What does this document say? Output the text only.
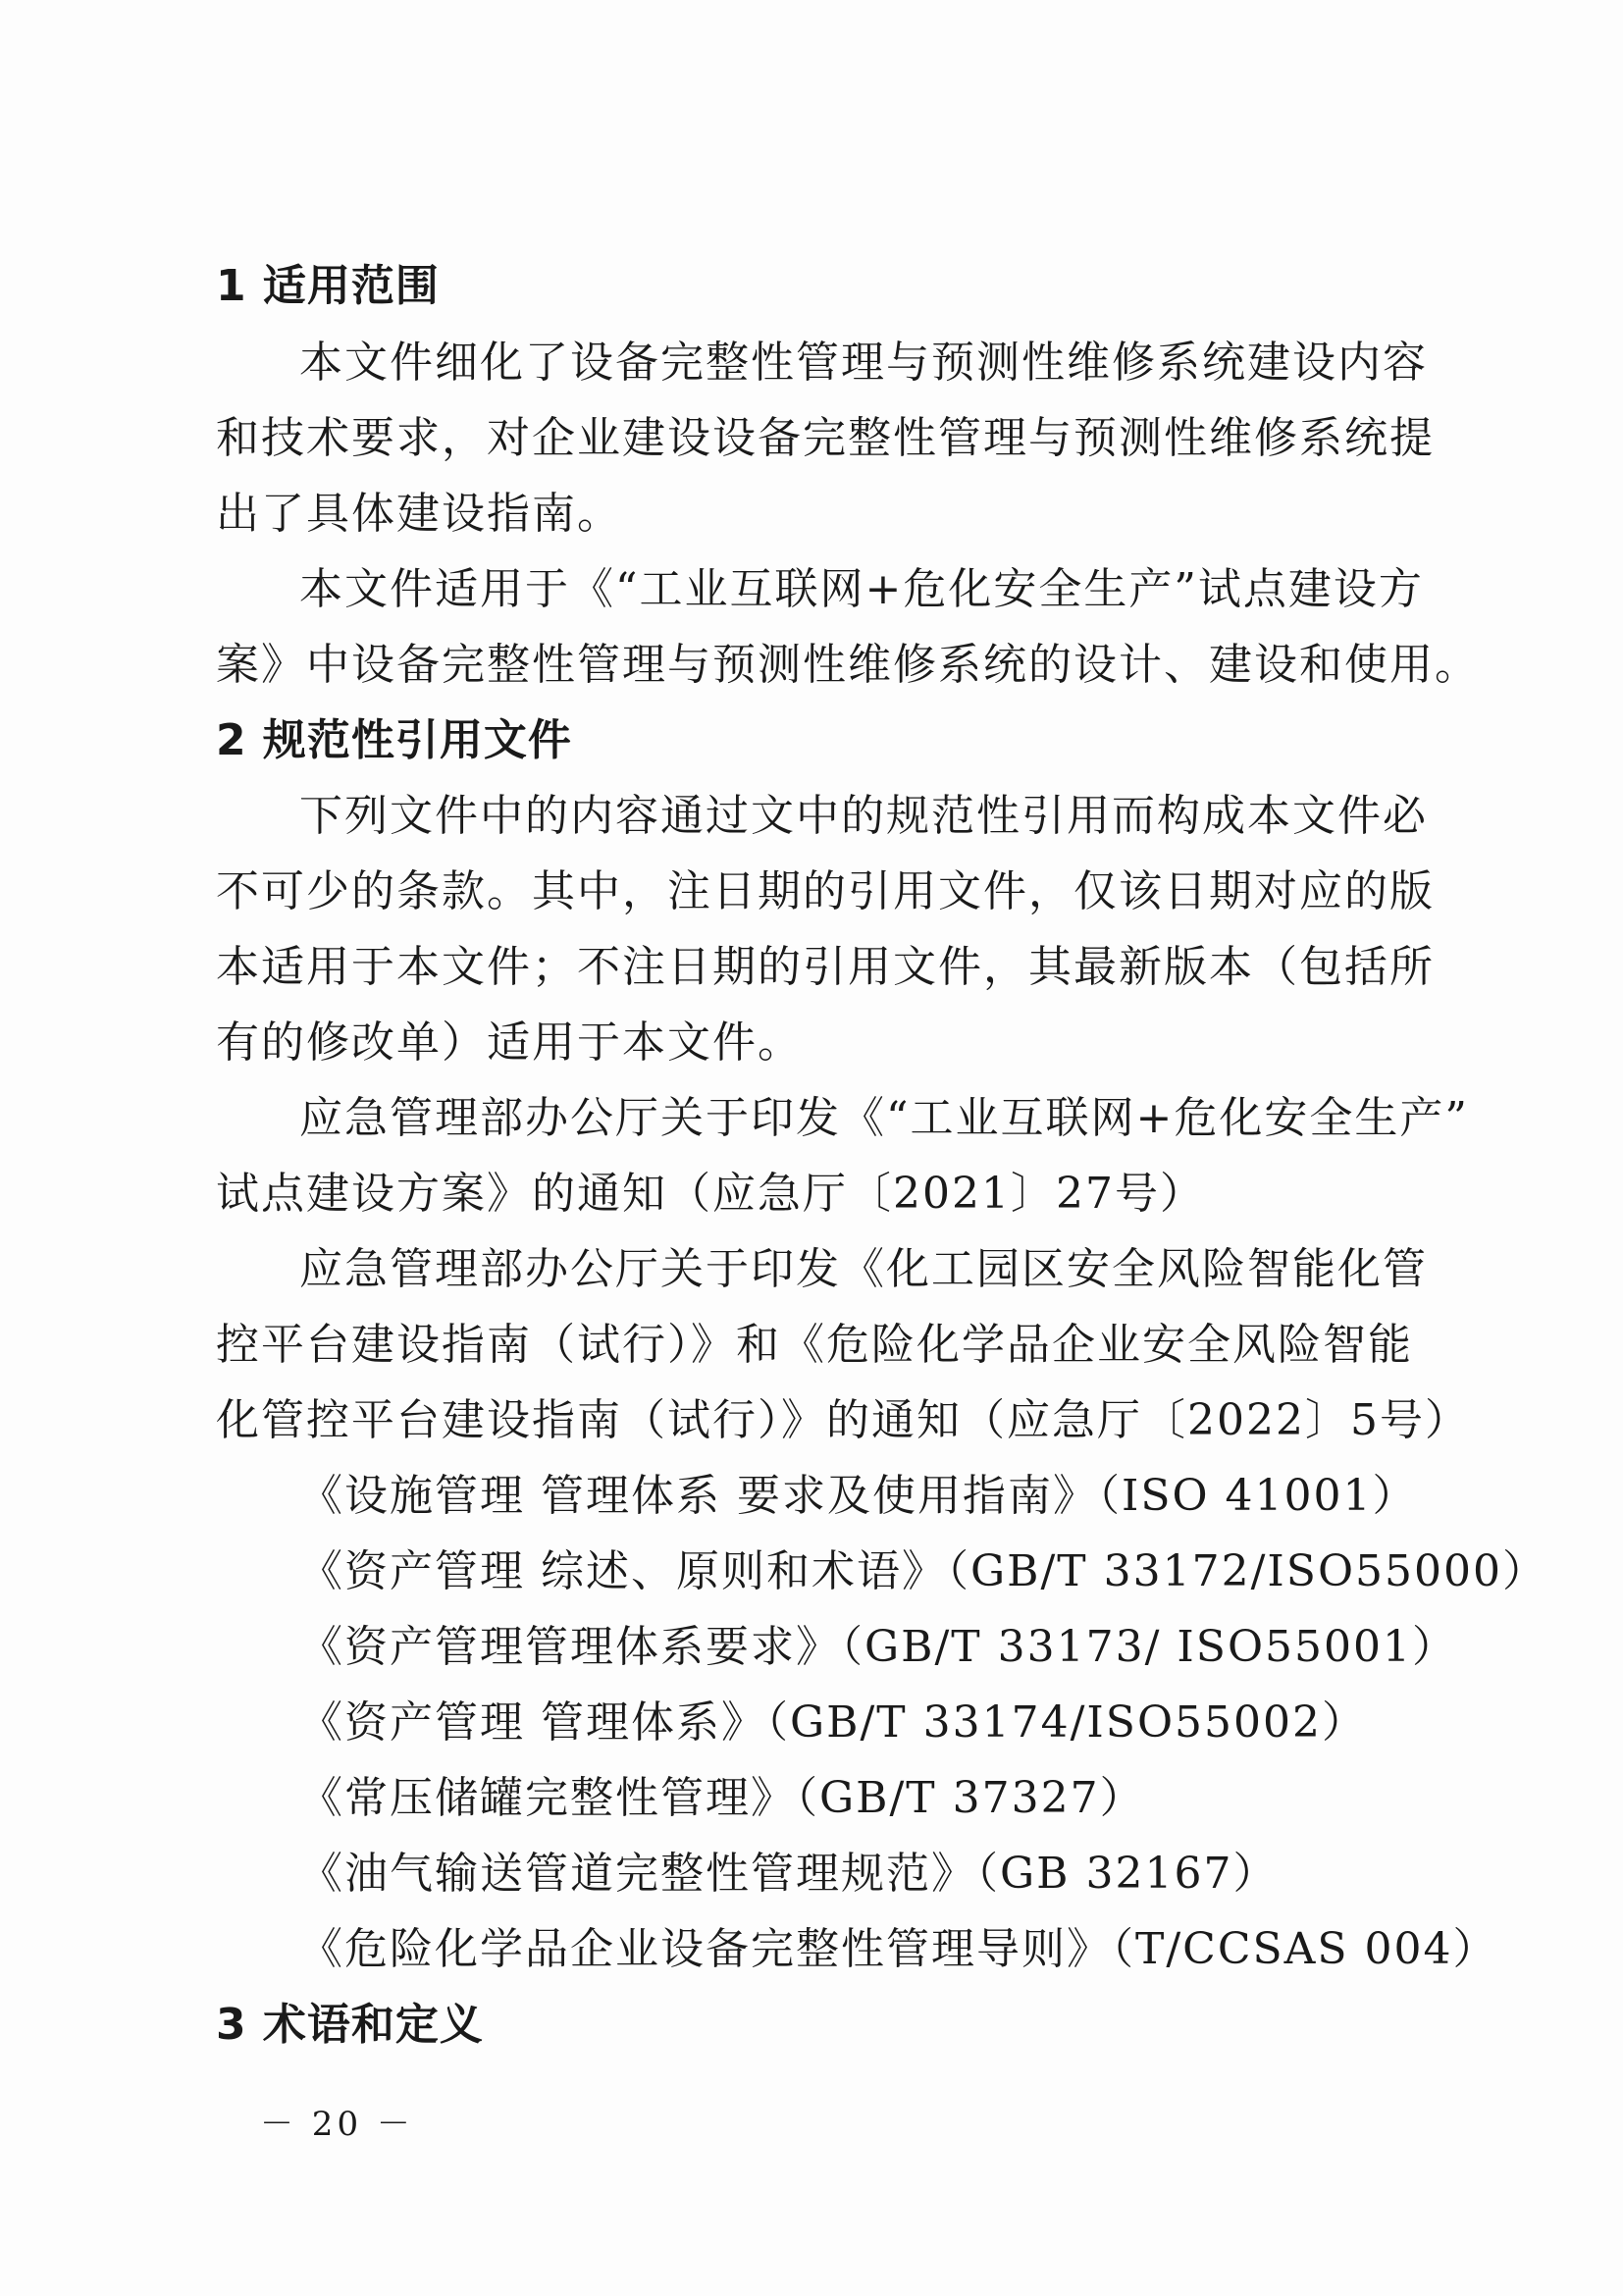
1 适用范围
本文件细化了设备完整性管理与预测性维修系统建设内容
和技术要求，对企业建设设备完整性管理与预测性维修系统提
出了具体建设指南。
本文件适用于《“工业互联网+危化安全生产”试点建设方
案》中设备完整性管理与预测性维修系统的设计、建设和使用。
2 规范性引用文件
下列文件中的内容通过文中的规范性引用而构成本文件必
不可少的条款。其中，注日期的引用文件，仅该日期对应的版
本适用于本文件；不注日期的引用文件，其最新版本（包括所
有的修改单）适用于本文件。
应急管理部办公厅关于印发《“工业互联网+危化安全生产”
试点建设方案》的通知（应急厅〔2021〕27号）
应急管理部办公厅关于印发《化工园区安全风险智能化管
控平台建设指南（试行）》和《危险化学品企业安全风险智能
化管控平台建设指南（试行）》的通知（应急厅〔2022〕5号）
《设施管理 管理体系 要求及使用指南》（ISO 41001）
《资产管理 综述、原则和术语》（GB/T 33172/ISO55000）
《资产管理管理体系要求》（GB/T 33173/ ISO55001）
《资产管理 管理体系》（GB/T 33174/ISO55002）
《常压储罐完整性管理》（GB/T 37327）
《油气输送管道完整性管理规范》（GB 32167）
《危险化学品企业设备完整性管理导则》（T/CCSAS 004）
3 术语和定义
－ 20 －
